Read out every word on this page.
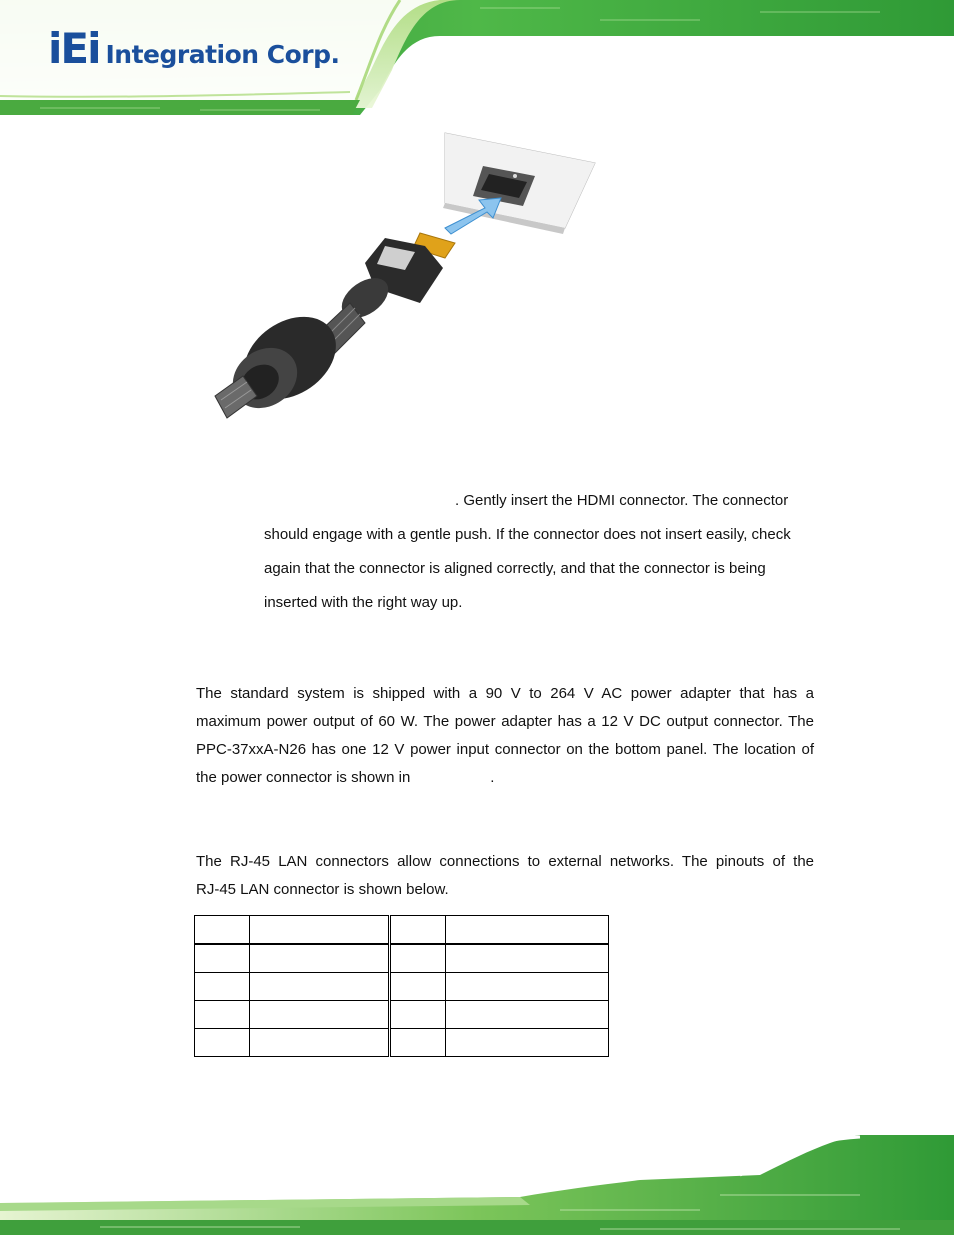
iEi Integration Corp.
. Gently insert the HDMI connector. The connector
should engage with a gentle push. If the connector does not insert easily, check
again that the connector is aligned correctly, and that the connector is being
inserted with the right way up.
The standard system is shipped with a 90 V to 264 V AC power adapter that has a
maximum power output of 60 W. The power adapter has a 12 V DC output connector. The
PPC-37xxA-N26 has one 12 V power input connector on the bottom panel. The location of
the power connector is shown in	.
The RJ-45 LAN connectors allow connections to external networks. The pinouts of the
RJ-45 LAN connector is shown below.
